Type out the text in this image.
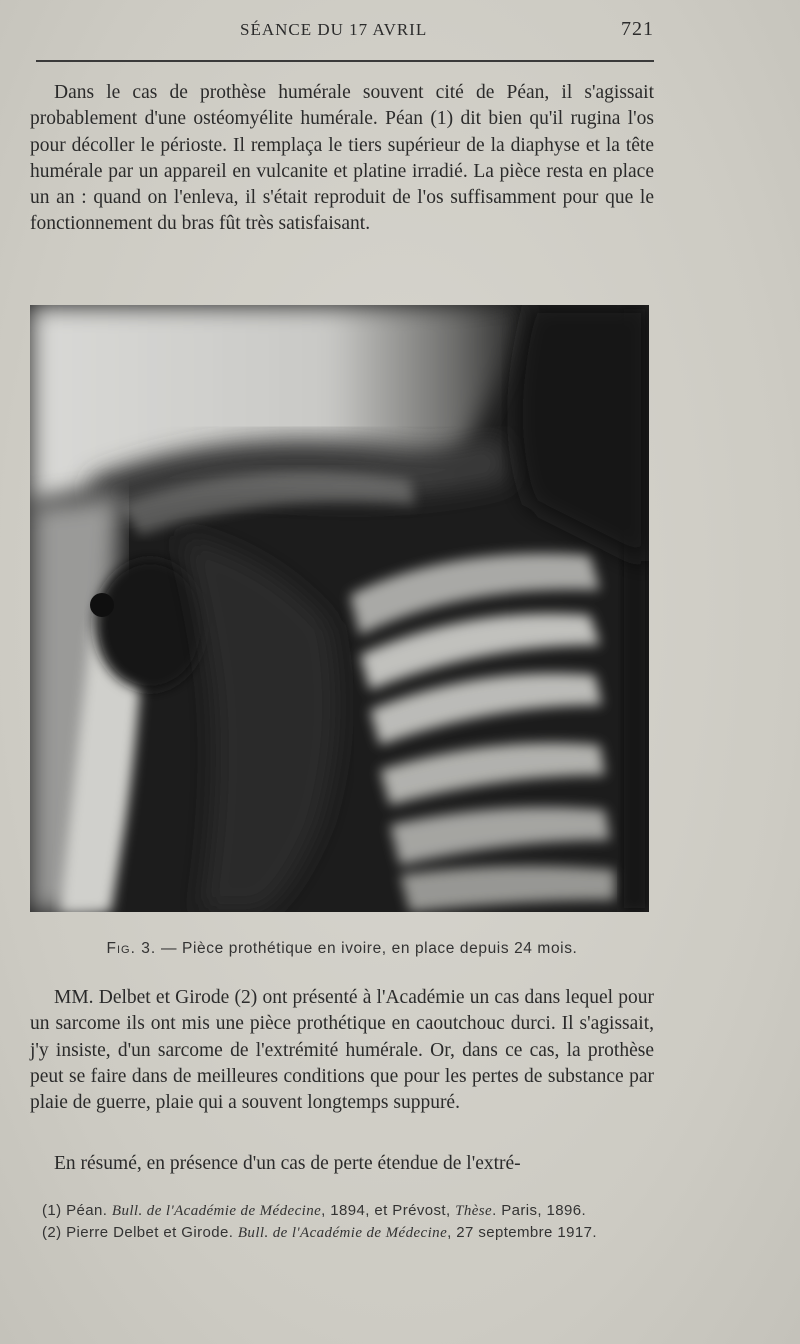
SÉANCE DU 17 AVRIL	721

Dans le cas de prothèse humérale souvent cité de Péan, il s'agissait probablement d'une ostéomyélite humérale. Péan (1) dit bien qu'il rugina l'os pour décoller le périoste. Il remplaça le tiers supérieur de la diaphyse et la tête humérale par un appareil en vulcanite et platine irradié. La pièce resta en place un an : quand on l'enleva, il s'était reproduit de l'os suffisamment pour que le fonctionnement du bras fût très satisfaisant.

Fig. 3. — Pièce prothétique en ivoire, en place depuis 24 mois.

MM. Delbet et Girode (2) ont présenté à l'Académie un cas dans lequel pour un sarcome ils ont mis une pièce prothétique en caoutchouc durci. Il s'agissait, j'y insiste, d'un sarcome de l'extrémité humérale. Or, dans ce cas, la prothèse peut se faire dans de meilleures conditions que pour les pertes de substance par plaie de guerre, plaie qui a souvent longtemps suppuré.

En résumé, en présence d'un cas de perte étendue de l'extré-

(1) Péan. Bull. de l'Académie de Médecine, 1894, et Prévost, Thèse. Paris, 1896.

(2) Pierre Delbet et Girode. Bull. de l'Académie de Médecine, 27 septembre 1917.
